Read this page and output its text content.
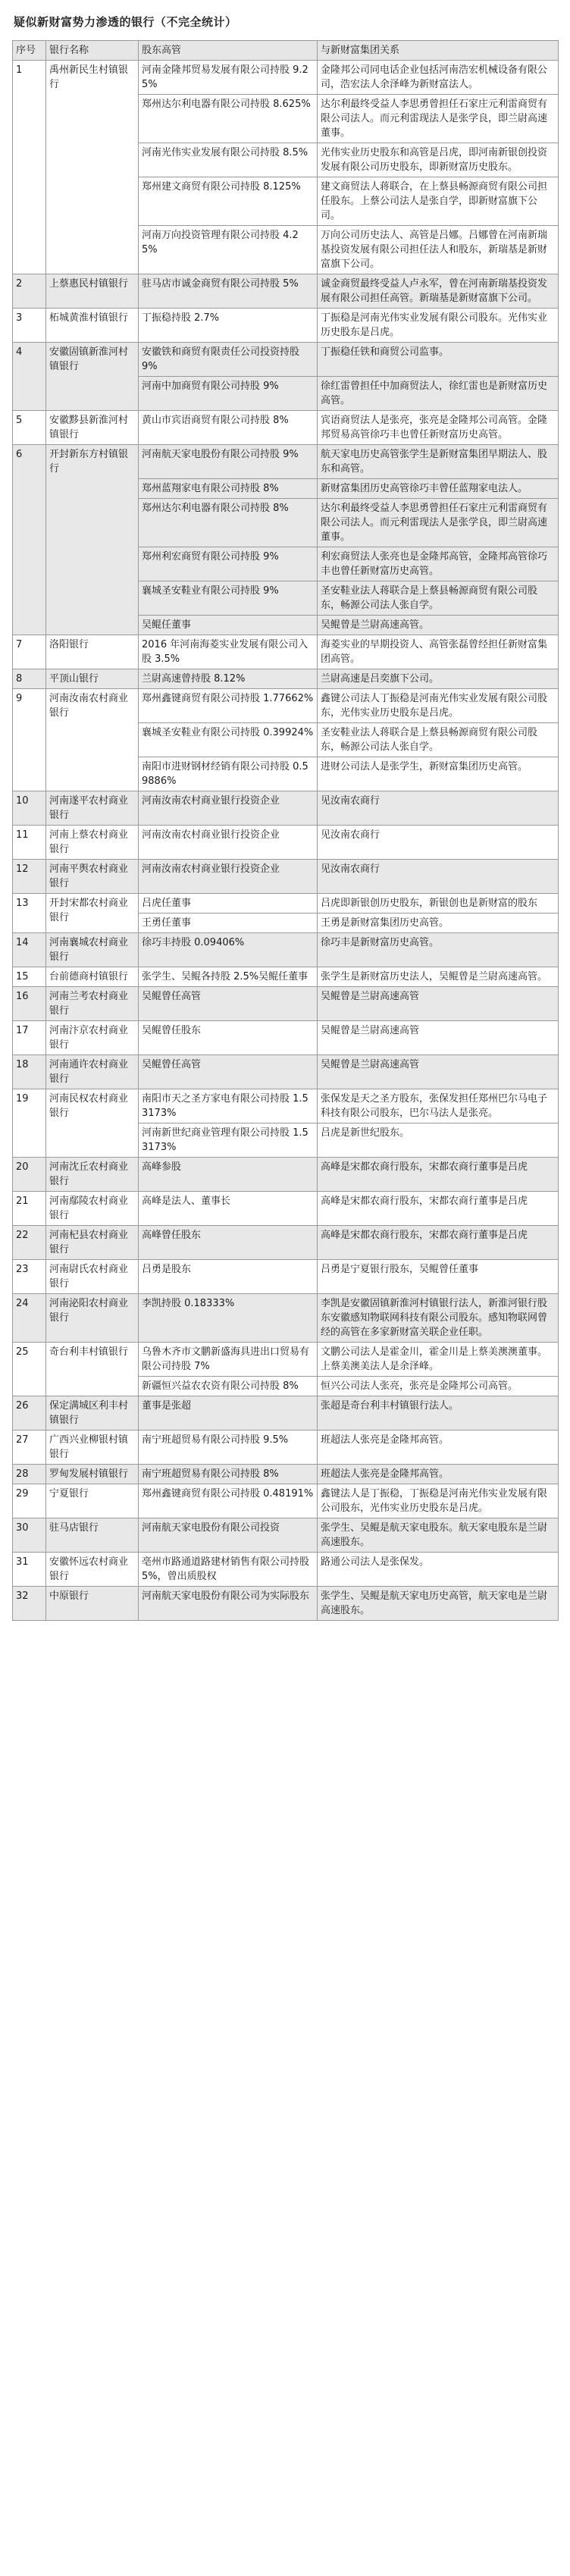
疑似新财富势力渗透的银行（不完全统计）
序号	银行名称	股东高管	与新财富集团关系
1	禹州新民生村镇银行	河南金隆邦贸易发展有限公司持股 9.25%	金隆邦公司同电话企业包括河南浩宏机械设备有限公司，浩宏法人余泽峰为新财富法人。
		郑州达尔利电器有限公司持股 8.625%	达尔利最终受益人李思勇曾担任石家庄元利雷商贸有限公司法人。而元利雷现法人是张学良，即兰尉高速董事。
		河南光伟实业发展有限公司持股 8.5%	光伟实业历史股东和高管是吕虎，即河南新银创投资发展有限公司历史股东，即新财富历史股东。
		郑州建文商贸有限公司持股 8.125%	建文商贸法人蒋联合，在上蔡县畅源商贸有限公司担任股东。上蔡公司法人是张自学，即新财富旗下公司。
		河南万向投资管理有限公司持股 4.25%	万向公司历史法人、高管是吕娜。吕娜曾在河南新瑞基投资发展有限公司担任法人和股东，新瑞基是新财富旗下公司。
2	上蔡惠民村镇银行	驻马店市诚金商贸有限公司持股 5%	诚金商贸最终受益人卢永军，曾在河南新瑞基投资发展有限公司担任高管。新瑞基是新财富旗下公司。
3	柘城黄淮村镇银行	丁振稳持股 2.7%	丁振稳是河南光伟实业发展有限公司股东。光伟实业历史股东是吕虎。
4	安徽固镇新淮河村镇银行	安徽铁和商贸有限责任公司投资持股 9%	丁振稳任铁和商贸公司监事。
		河南中加商贸有限公司持股 9%	徐红雷曾担任中加商贸法人，徐红雷也是新财富历史高管。
5	安徽黟县新淮河村镇银行	黄山市宾语商贸有限公司持股 8%	宾语商贸法人是张亮，张亮是金隆邦公司高管。金隆邦贸易高管徐巧丰也曾任新财富历史高管。
6	开封新东方村镇银行	河南航天家电股份有限公司持股 9%	航天家电历史高管张学生是新财富集团早期法人、股东和高管。
		郑州蓝翔家电有限公司持股 8%	新财富集团历史高管徐巧丰曾任蓝翔家电法人。
		郑州达尔利电器有限公司持股 8%	达尔利最终受益人李思勇曾担任石家庄元利雷商贸有限公司法人。而元利雷现法人是张学良，即兰尉高速董事。
		郑州利宏商贸有限公司持股 9%	利宏商贸法人张亮也是金隆邦高管，金隆邦高管徐巧丰也曾任新财富历史高管。
		襄城圣安鞋业有限公司持股 9%	圣安鞋业法人蒋联合是上蔡县畅源商贸有限公司股东，畅源公司法人张自学。
		吴鲲任董事	吴鲲曾是兰尉高速高管。
7	洛阳银行	2016 年河南海菱实业发展有限公司入股 3.5%	海菱实业的早期投资人、高管张磊曾经担任新财富集团高管。
8	平顶山银行	兰尉高速曾持股 8.12%	兰尉高速是吕奕旗下公司。
9	河南汝南农村商业银行	郑州鑫键商贸有限公司持股 1.77662%	鑫键公司法人丁振稳是河南光伟实业发展有限公司股东，光伟实业历史股东是吕虎。
		襄城圣安鞋业有限公司持股 0.39924%	圣安鞋业法人蒋联合是上蔡县畅源商贸有限公司股东，畅源公司法人张自学。
		南阳市进财钢材经销有限公司持股 0.59886%	进财公司法人是张学生，新财富集团历史高管。
10	河南遂平农村商业银行	河南汝南农村商业银行投资企业	见汝南农商行
11	河南上蔡农村商业银行	河南汝南农村商业银行投资企业	见汝南农商行
12	河南平舆农村商业银行	河南汝南农村商业银行投资企业	见汝南农商行
13	开封宋都农村商业银行	吕虎任董事	吕虎即新银创历史股东，新银创也是新财富的股东
		王勇任董事	王勇是新财富集团历史高管。
14	河南襄城农村商业银行	徐巧丰持股 0.09406%	徐巧丰是新财富历史高管。
15	台前德商村镇银行	张学生、吴鲲各持股 2.5%吴鲲任董事	张学生是新财富历史法人，吴鲲曾是兰尉高速高管。
16	河南兰考农村商业银行	吴鲲曾任高管	吴鲲曾是兰尉高速高管
17	河南汴京农村商业银行	吴鲲曾任股东	吴鲲曾是兰尉高速高管
18	河南通许农村商业银行	吴鲲曾任高管	吴鲲曾是兰尉高速高管
19	河南民权农村商业银行	南阳市天之圣方家电有限公司持股 1.53173%	张保发是天之圣方股东，张保发担任郑州巴尔马电子科技有限公司股东，巴尔马法人是张亮。
		河南新世纪商业管理有限公司持股 1.53173%	吕虎是新世纪股东。
20	河南沈丘农村商业银行	高峰参股	高峰是宋都农商行股东，宋都农商行董事是吕虎
21	河南鄢陵农村商业银行	高峰是法人、董事长	高峰是宋都农商行股东，宋都农商行董事是吕虎
22	河南杞县农村商业银行	高峰曾任股东	高峰是宋都农商行股东，宋都农商行董事是吕虎
23	河南尉氏农村商业银行	吕勇是股东	吕勇是宁夏银行股东，吴鲲曾任董事
24	河南泌阳农村商业银行	李凯持股 0.18333%	李凯是安徽固镇新淮河村镇银行法人，新淮河银行股东安徽感知物联网科技有限公司股东。感知物联网曾经的高管在多家新财富关联企业任职。
25	奇台利丰村镇银行	乌鲁木齐市文鹏新盛海具进出口贸易有限公司持股 7%	文鹏公司法人是霍金川，霍金川是上蔡美澳澳董事。上蔡美澳美法人是余泽峰。
		新疆恒兴益农农资有限公司持股 8%	恒兴公司法人张亮，张亮是金隆邦公司高管。
26	保定满城区利丰村镇银行	董事是张超	张超是奇台利丰村镇银行法人。
27	广西兴业柳银村镇银行	南宁班超贸易有限公司持股 9.5%	班超法人张亮是金隆邦高管。
28	罗甸发展村镇银行	南宁班超贸易有限公司持股 8%	班超法人张亮是金隆邦高管。
29	宁夏银行	郑州鑫键商贸有限公司持股 0.48191%	鑫键法人是丁振稳，丁振稳是河南光伟实业发展有限公司股东，光伟实业历史股东是吕虎。
30	驻马店银行	河南航天家电股份有限公司投资	张学生、吴鲲是航天家电股东。航天家电股东是兰尉高速股东。
31	安徽怀远农村商业银行	亳州市路通道路建材销售有限公司持股 5%，曾出质股权	路通公司法人是张保发。
32	中原银行	河南航天家电股份有限公司为实际股东	张学生、吴鲲是航天家电历史高管，航天家电是兰尉高速股东。
